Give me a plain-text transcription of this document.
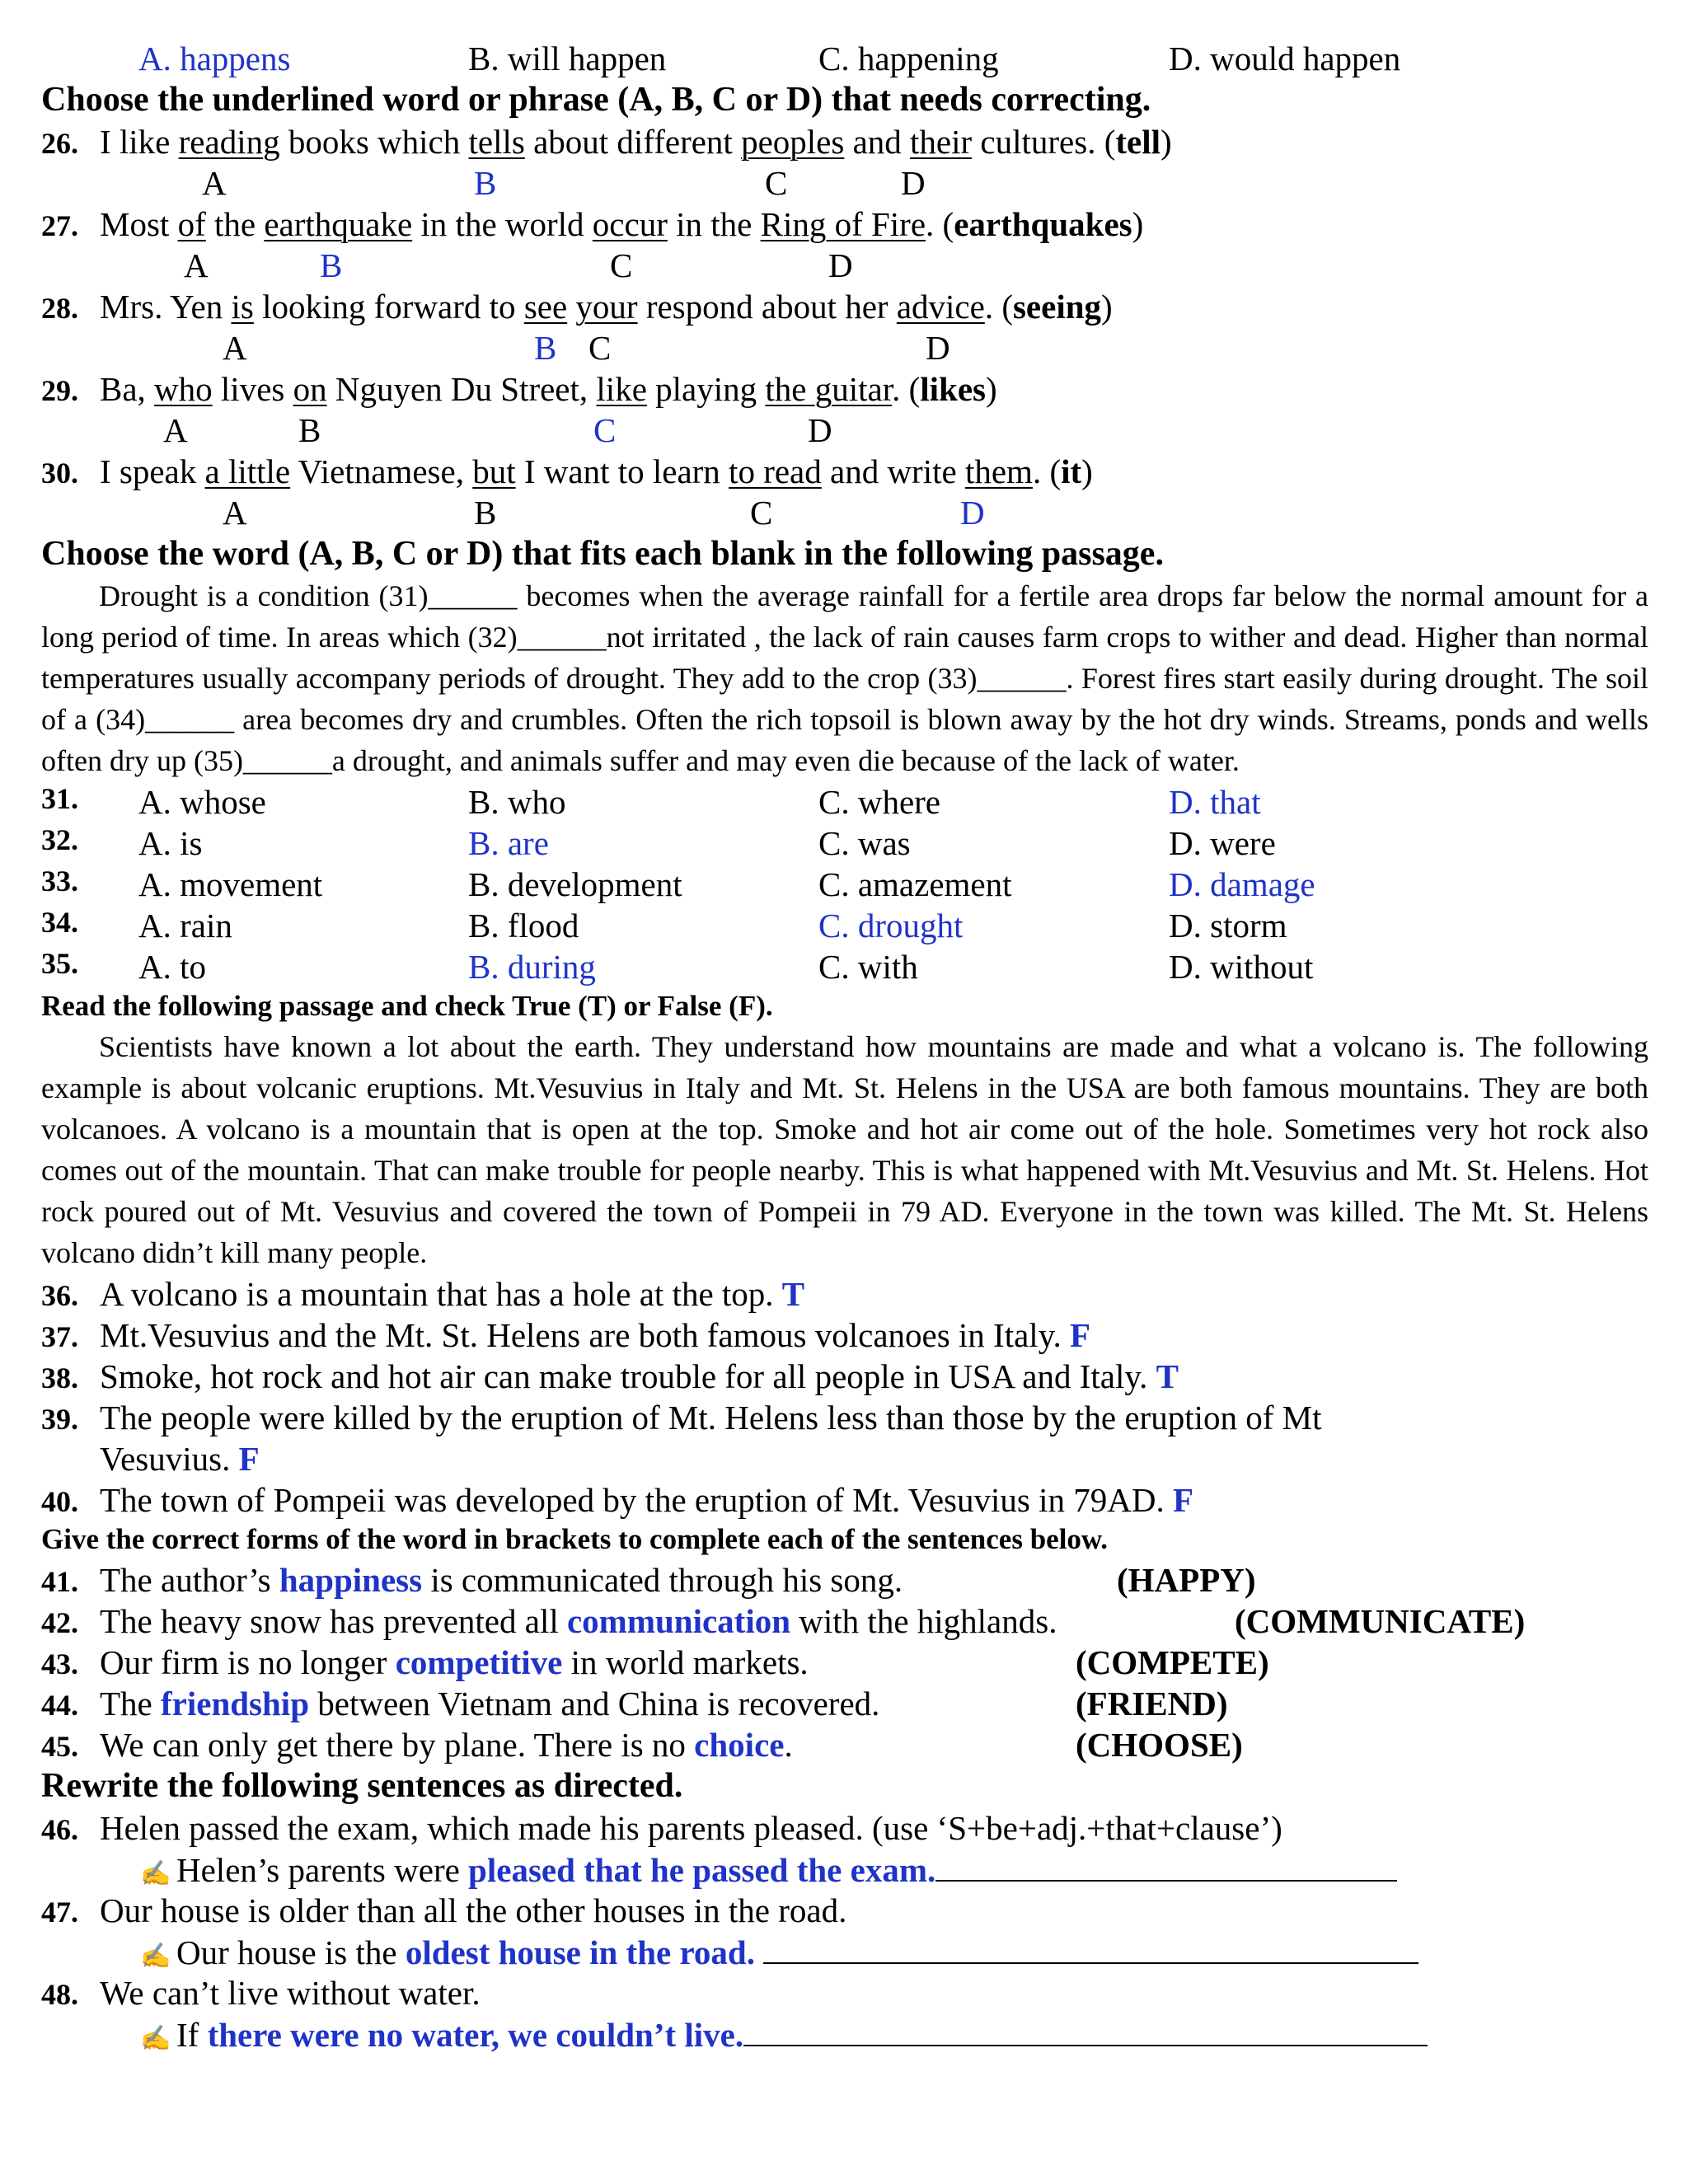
A. happens	B. will happen	C. happening	D. would happen
Choose the underlined word or phrase (A, B, C or D) that needs correcting.
26. I like reading books which tells about different peoples and their cultures. (tell)
A	B	C	D
27. Most of the earthquake in the world occur in the Ring of Fire. (earthquakes)
A	B	C	D
28. Mrs. Yen is looking forward to see your respond about her advice. (seeing)
A	B C	D
29. Ba, who lives on Nguyen Du Street, like playing the guitar. (likes)
A	B	C	D
30. I speak a little Vietnamese, but I want to learn to read and write them. (it)
A	B	C	D
Choose the word (A, B, C or D) that fits each blank in the following passage.

Drought is a condition (31)______ becomes when the average rainfall for a fertile area drops far below the normal amount for a long period of time. In areas which (32)______not irritated , the lack of rain causes farm crops to wither and dead. Higher than normal temperatures usually accompany periods of drought. They add to the crop (33)______. Forest fires start easily during drought. The soil of a (34)______ area becomes dry and crumbles. Often the rich topsoil is blown away by the hot dry winds. Streams, ponds and wells often dry up (35)______a drought, and animals suffer and may even die because of the lack of water.

31.	A. whose	B. who	C. where	D. that
32.	A. is	B. are	C. was	D. were
33.	A. movement	B. development	C. amazement	D. damage
34.	A. rain	B. flood	C. drought	D. storm
35.	A. to	B. during	C. with	D. without
Read the following passage and check True (T) or False (F).

Scientists have known a lot about the earth. They understand how mountains are made and what a volcano is. The following example is about volcanic eruptions. Mt.Vesuvius in Italy and Mt. St. Helens in the USA are both famous mountains. They are both volcanoes. A volcano is a mountain that is open at the top. Smoke and hot air come out of the hole. Sometimes very hot rock also comes out of the mountain. That can make trouble for people nearby. This is what happened with Mt.Vesuvius and Mt. St. Helens. Hot rock poured out of Mt. Vesuvius and covered the town of Pompeii in 79 AD. Everyone in the town was killed. The Mt. St. Helens volcano didn’t kill many people.

36. A volcano is a mountain that has a hole at the top. T
37. Mt.Vesuvius and the Mt. St. Helens are both famous volcanoes in Italy. F
38. Smoke, hot rock and hot air can make trouble for all people in USA and Italy. T
39. The people were killed by the eruption of Mt. Helens less than those by the eruption of Mt
Vesuvius. F
40. The town of Pompeii was developed by the eruption of Mt. Vesuvius in 79AD. F
Give the correct forms of the word in brackets to complete each of the sentences below.
41. The author’s happiness is communicated through his song.	(HAPPY)
42. The heavy snow has prevented all communication with the highlands.	(COMMUNICATE)
43. Our firm is no longer competitive in world markets.	(COMPETE)
44. The friendship between Vietnam and China is recovered.	(FRIEND)
45. We can only get there by plane. There is no choice.	(CHOOSE)
Rewrite the following sentences as directed.
46. Helen passed the exam, which made his parents pleased. (use ‘S+be+adj.+that+clause’)
✍ Helen’s parents were pleased that he passed the exam.
47. Our house is older than all the other houses in the road.
✍ Our house is the oldest house in the road.
48. We can’t live without water.
✍ If there were no water, we couldn’t live.
